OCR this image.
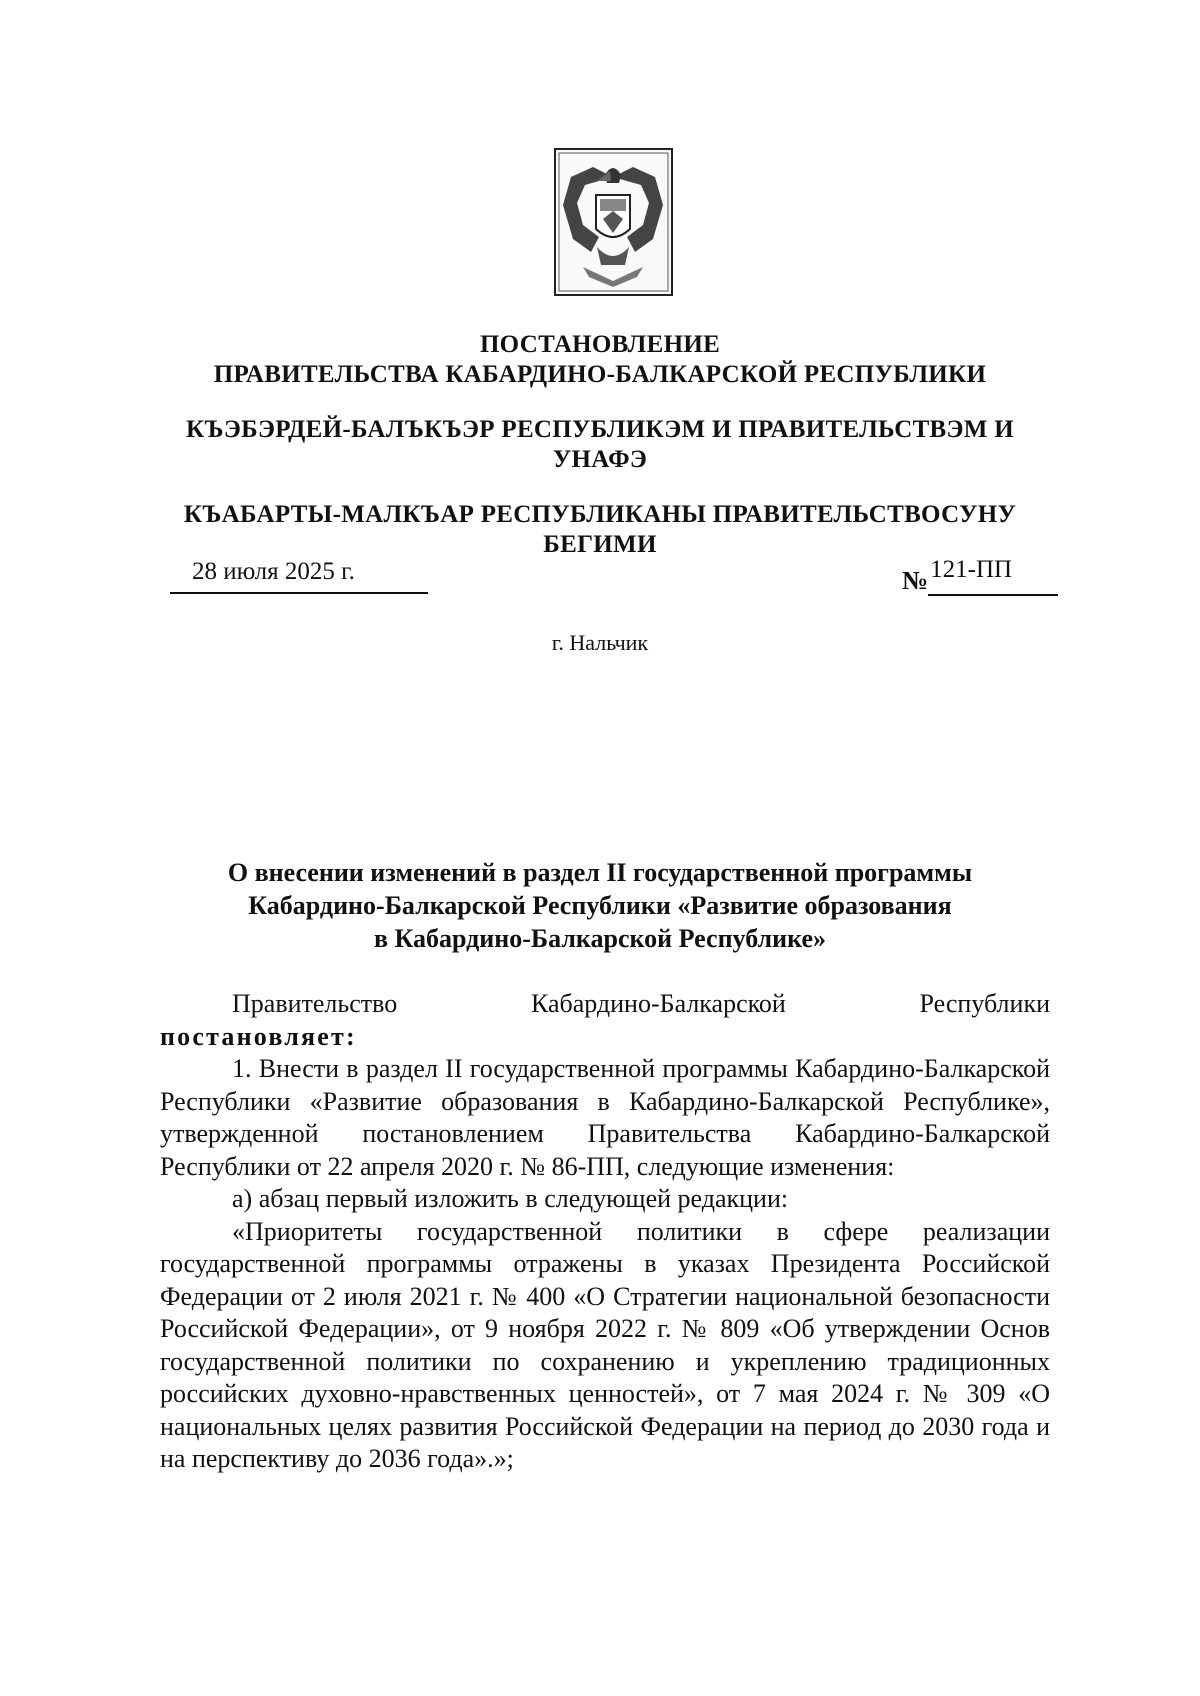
ПОСТАНОВЛЕНИЕ
ПРАВИТЕЛЬСТВА КАБАРДИНО-БАЛКАРСКОЙ РЕСПУБЛИКИ
КЪЭБЭРДЕЙ-БАЛЪКЪЭР РЕСПУБЛИКЭМ И ПРАВИТЕЛЬСТВЭМ И
УНАФЭ
КЪАБАРТЫ-МАЛКЪАР РЕСПУБЛИКАНЫ ПРАВИТЕЛЬСТВОСУНУ
БЕГИМИ
28 июля 2025 г.	№121-ПП
г. Нальчик
О внесении изменений в раздел II государственной программы
Кабардино-Балкарской Республики «Развитие образования
в Кабардино-Балкарской Республике»

Правительство Кабардино-Балкарской Республики

постановляет:

1. Внести в раздел II государственной программы Кабардино-Балкарской Республики «Развитие образования в Кабардино-Балкарской Республике», утвержденной постановлением Правительства Кабардино-Балкарской Республики от 22 апреля 2020 г. № 86-ПП, следующие изменения:

а) абзац первый изложить в следующей редакции:

«Приоритеты государственной политики в сфере реализации государственной программы отражены в указах Президента Российской Федерации от 2 июля 2021 г. № 400 «О Стратегии национальной безопасности Российской Федерации», от 9 ноября 2022 г. № 809 «Об утверждении Основ государственной политики по сохранению и укреплению традиционных российских духовно-нравственных ценностей», от 7 мая 2024 г. № 309 «О национальных целях развития Российской Федерации на период до 2030 года и на перспективу до 2036 года».»;
